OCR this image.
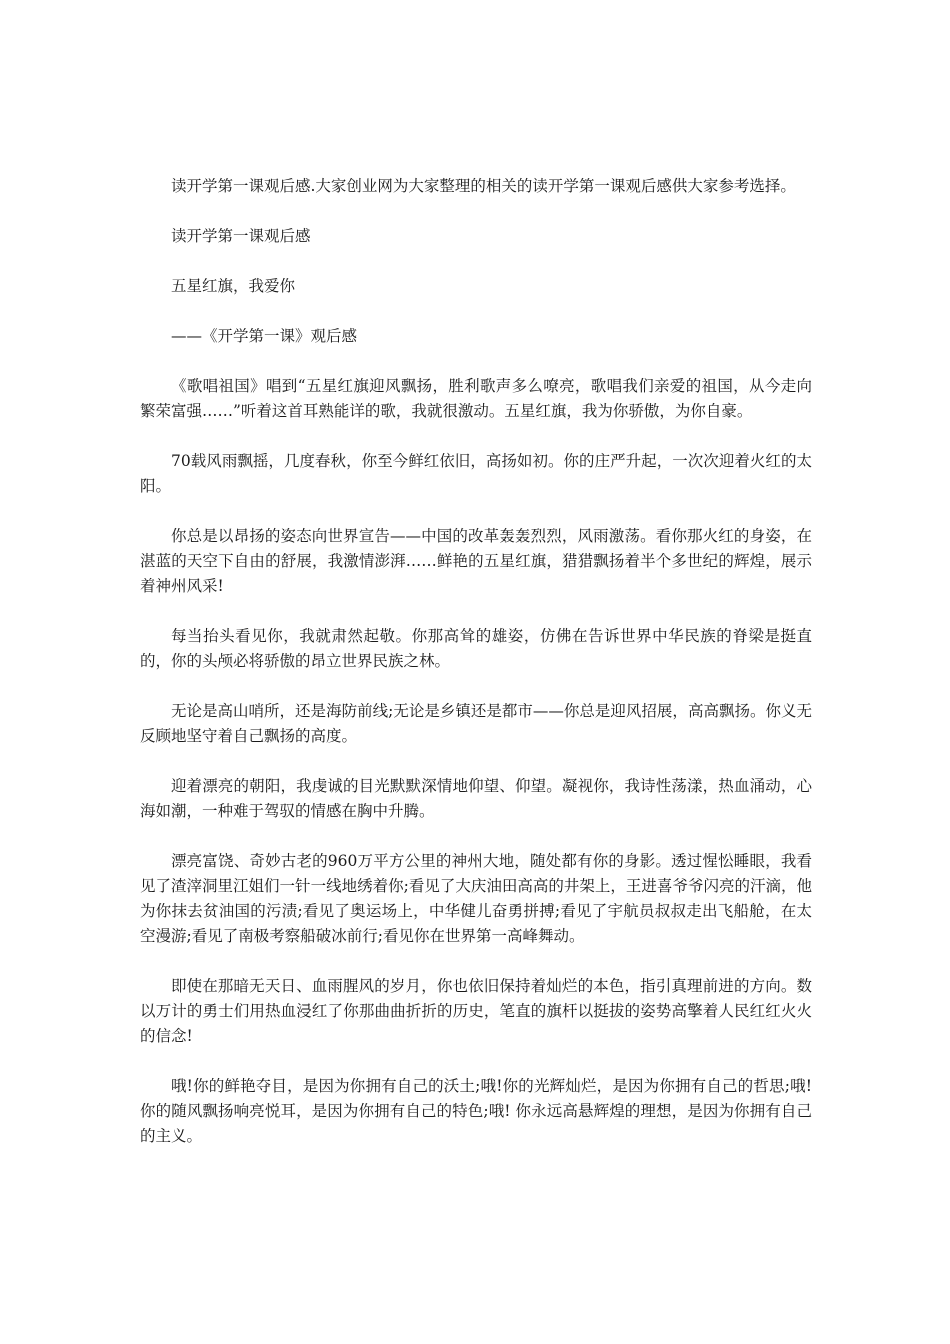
读开学第一课观后感.大家创业网为大家整理的相关的读开学第一课观后感供大家参考选择。

读开学第一课观后感

五星红旗，我爱你

——《开学第一课》观后感

《歌唱祖国》唱到“五星红旗迎风飘扬，胜利歌声多么嘹亮，歌唱我们亲爱的祖国，从今走向繁荣富强……”听着这首耳熟能详的歌，我就很激动。五星红旗，我为你骄傲，为你自豪。

70载风雨飘摇，几度春秋，你至今鲜红依旧，高扬如初。你的庄严升起，一次次迎着火红的太阳。

你总是以昂扬的姿态向世界宣告——中国的改革轰轰烈烈，风雨激荡。看你那火红的身姿，在湛蓝的天空下自由的舒展，我激情澎湃……鲜艳的五星红旗，猎猎飘扬着半个多世纪的辉煌，展示着神州风采!

每当抬头看见你，我就肃然起敬。你那高耸的雄姿，仿佛在告诉世界中华民族的脊梁是挺直的，你的头颅必将骄傲的昂立世界民族之林。

无论是高山哨所，还是海防前线;无论是乡镇还是都市——你总是迎风招展，高高飘扬。你义无反顾地坚守着自己飘扬的高度。

迎着漂亮的朝阳，我虔诚的目光默默深情地仰望、仰望。凝视你，我诗性荡漾，热血涌动，心海如潮，一种难于驾驭的情感在胸中升腾。

漂亮富饶、奇妙古老的960万平方公里的神州大地，随处都有你的身影。透过惺忪睡眼，我看见了渣滓洞里江姐们一针一线地绣着你;看见了大庆油田高高的井架上，王进喜爷爷闪亮的汗滴，他为你抹去贫油国的污渍;看见了奥运场上，中华健儿奋勇拼搏;看见了宇航员叔叔走出飞船舱，在太空漫游;看见了南极考察船破冰前行;看见你在世界第一高峰舞动。

即使在那暗无天日、血雨腥风的岁月，你也依旧保持着灿烂的本色，指引真理前进的方向。数以万计的勇士们用热血浸红了你那曲曲折折的历史，笔直的旗杆以挺拔的姿势高擎着人民红红火火的信念!

哦!你的鲜艳夺目，是因为你拥有自己的沃土;哦!你的光辉灿烂，是因为你拥有自己的哲思;哦!你的随风飘扬响亮悦耳，是因为你拥有自己的特色;哦! 你永远高悬辉煌的理想，是因为你拥有自己的主义。
